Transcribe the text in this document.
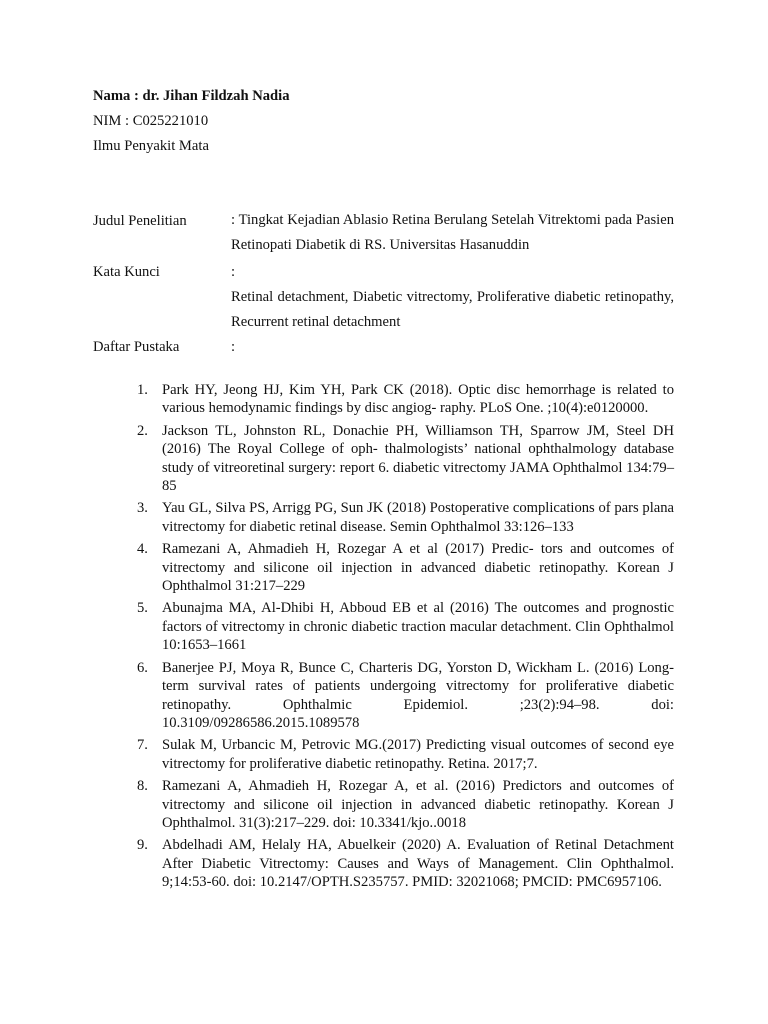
Nama : dr. Jihan Fildzah Nadia
NIM : C025221010
Ilmu Penyakit Mata
Judul Penelitian	: Tingkat Kejadian Ablasio Retina Berulang Setelah Vitrektomi pada Pasien Retinopati Diabetik di RS. Universitas Hasanuddin
Kata Kunci	:
Retinal detachment, Diabetic vitrectomy, Proliferative diabetic retinopathy, Recurrent retinal detachment
Daftar Pustaka	:
1. Park HY, Jeong HJ, Kim YH, Park CK (2018). Optic disc hemorrhage is related to various hemodynamic findings by disc angiog- raphy. PLoS One. ;10(4):e0120000.
2. Jackson TL, Johnston RL, Donachie PH, Williamson TH, Sparrow JM, Steel DH (2016) The Royal College of oph- thalmologists’ national ophthalmology database study of vitreoretinal surgery: report 6. diabetic vitrectomy JAMA Ophthalmol 134:79–85
3. Yau GL, Silva PS, Arrigg PG, Sun JK (2018) Postoperative complications of pars plana vitrectomy for diabetic retinal disease. Semin Ophthalmol 33:126–133
4. Ramezani A, Ahmadieh H, Rozegar A et al (2017) Predic- tors and outcomes of vitrectomy and silicone oil injection in advanced diabetic retinopathy. Korean J Ophthalmol 31:217–229
5. Abunajma MA, Al-Dhibi H, Abboud EB et al (2016) The outcomes and prognostic factors of vitrectomy in chronic diabetic traction macular detachment. Clin Ophthalmol 10:1653–1661
6. Banerjee PJ, Moya R, Bunce C, Charteris DG, Yorston D, Wickham L. (2016) Long-term survival rates of patients undergoing vitrectomy for proliferative diabetic retinopathy. Ophthalmic Epidemiol. ;23(2):94–98. doi: 10.3109/09286586.2015.1089578
7. Sulak M, Urbancic M, Petrovic MG.(2017) Predicting visual outcomes of second eye vitrectomy for proliferative diabetic retinopathy. Retina. 2017;7.
8. Ramezani A, Ahmadieh H, Rozegar A, et al. (2016) Predictors and outcomes of vitrectomy and silicone oil injection in advanced diabetic retinopathy. Korean J Ophthalmol. 31(3):217–229. doi: 10.3341/kjo..0018
9. Abdelhadi AM, Helaly HA, Abuelkeir (2020) A. Evaluation of Retinal Detachment After Diabetic Vitrectomy: Causes and Ways of Management. Clin Ophthalmol. 9;14:53-60. doi: 10.2147/OPTH.S235757. PMID: 32021068; PMCID: PMC6957106.
